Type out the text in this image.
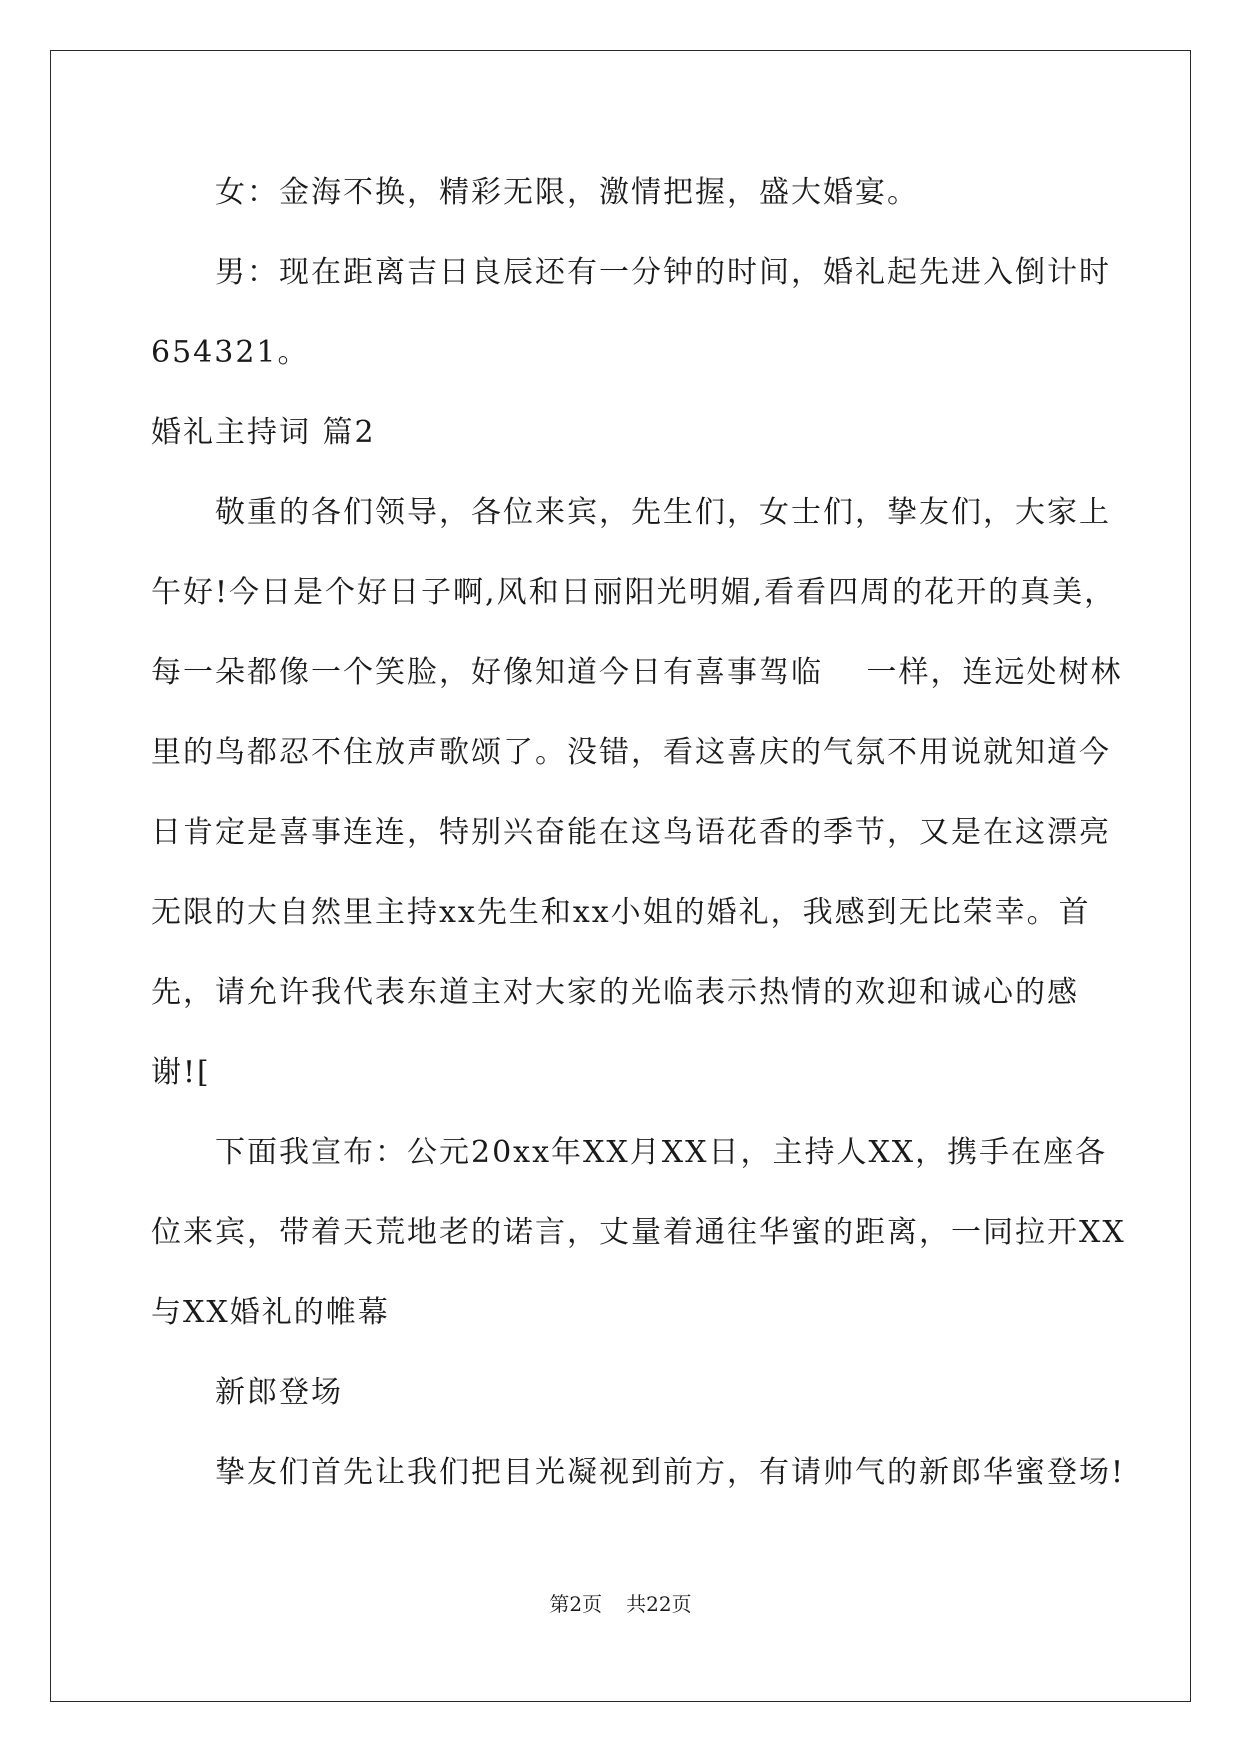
女：金海不换，精彩无限，激情把握，盛大婚宴。
男：现在距离吉日良辰还有一分钟的时间，婚礼起先进入倒计时
654321。
婚礼主持词 篇2
敬重的各们领导，各位来宾，先生们，女士们，挚友们，大家上
午好!今日是个好日子啊,风和日丽阳光明媚,看看四周的花开的真美，
每一朵都像一个笑脸，好像知道今日有喜事驾临　 一样，连远处树林
里的鸟都忍不住放声歌颂了。没错，看这喜庆的气氛不用说就知道今
日肯定是喜事连连，特别兴奋能在这鸟语花香的季节，又是在这漂亮
无限的大自然里主持xx先生和xx小姐的婚礼，我感到无比荣幸。首
先，请允许我代表东道主对大家的光临表示热情的欢迎和诚心的感
谢![
下面我宣布：公元20xx年XX月XX日，主持人XX，携手在座各
位来宾，带着天荒地老的诺言，丈量着通往华蜜的距离，一同拉开XX
与XX婚礼的帷幕
新郎登场
挚友们首先让我们把目光凝视到前方，有请帅气的新郎华蜜登场!
第2页 共22页
